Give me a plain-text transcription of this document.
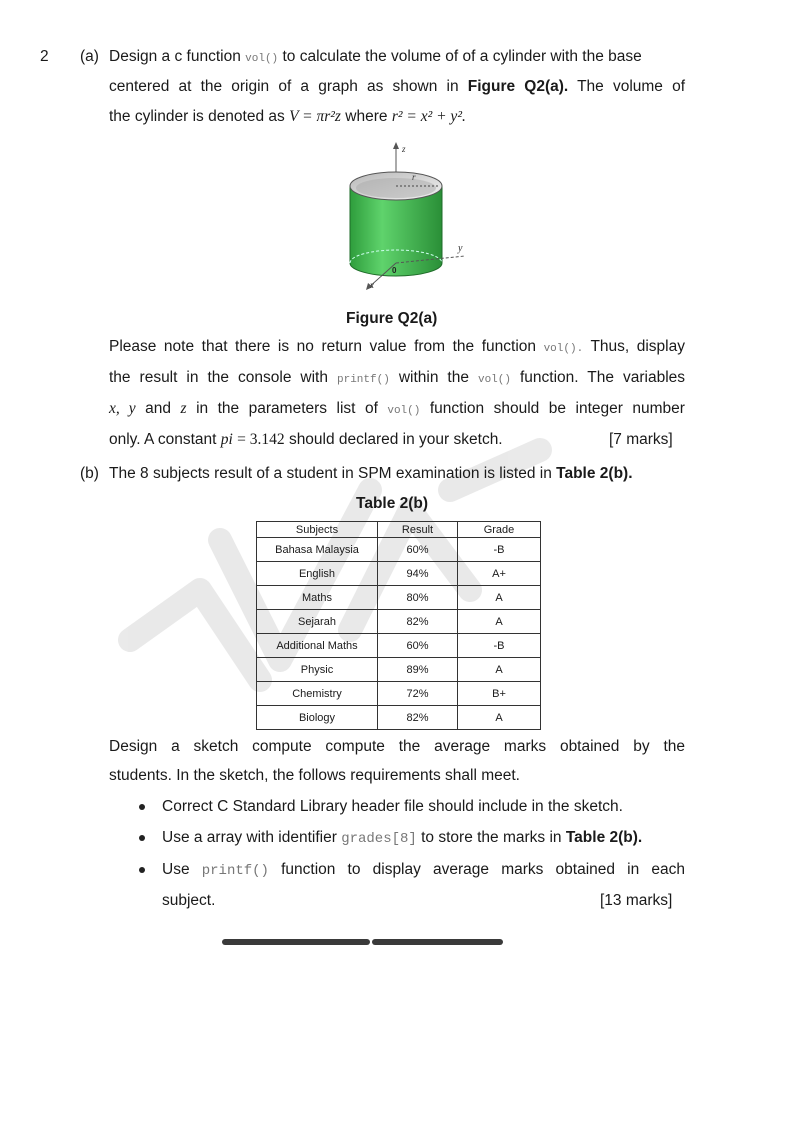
2 (a) Design a c function vol() to calculate the volume of of a cylinder with the base
centered at the origin of a graph as shown in Figure Q2(a). The volume of
the cylinder is denoted as V = πr²z where r² = x² + y².
z
y
x
0
r
Figure Q2(a)
Please note that there is no return value from the function vol(). Thus, display
the result in the console with printf() within the vol() function. The variables
x, y and z in the parameters list of vol() function should be integer number
only. A constant pi = 3.142 should declared in your sketch.	[7 marks]
(b) The 8 subjects result of a student in SPM examination is listed in Table 2(b).
Table 2(b)
Subjects	Result	Grade
Bahasa Malaysia	60%	-B
English	94%	A+
Maths	80%	A
Sejarah	82%	A
Additional Maths	60%	-B
Physic	89%	A
Chemistry	72%	B+
Biology	82%	A
Design a sketch compute compute the average marks obtained by the
students. In the sketch, the follows requirements shall meet.
Correct C Standard Library header file should include in the sketch.
Use a array with identifier grades[8] to store the marks in Table 2(b).
Use printf() function to display average marks obtained in each
subject.	[13 marks]
